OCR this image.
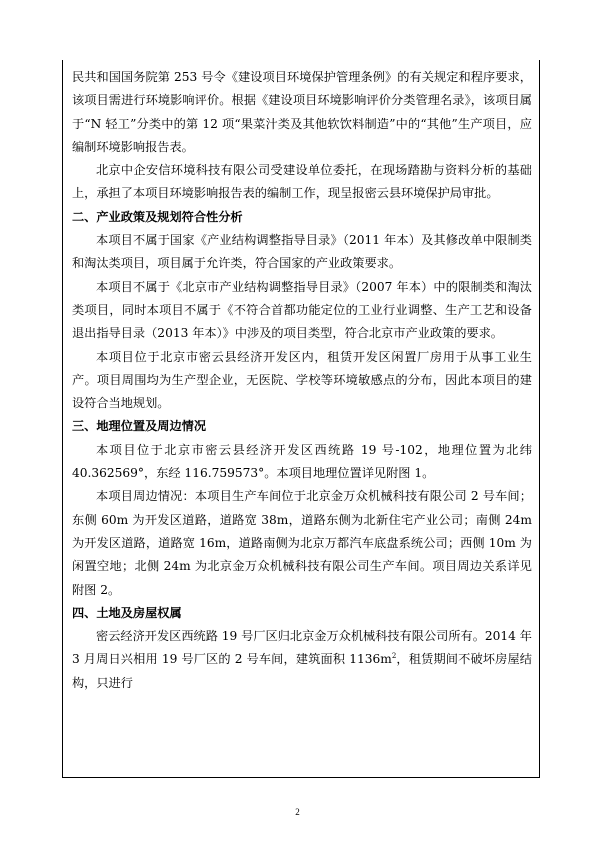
民共和国国务院第 253 号令《建设项目环境保护管理条例》的有关规定和程序要求，该项目需进行环境影响评价。根据《建设项目环境影响评价分类管理名录》，该项目属于“N 轻工”分类中的第 12 项“果菜汁类及其他软饮料制造”中的“其他”生产项目，应编制环境影响报告表。

北京中企安信环境科技有限公司受建设单位委托，在现场踏勘与资料分析的基础上，承担了本项目环境影响报告表的编制工作，现呈报密云县环境保护局审批。

二、产业政策及规划符合性分析

本项目不属于国家《产业结构调整指导目录》（2011 年本）及其修改单中限制类和淘汰类项目，项目属于允许类，符合国家的产业政策要求。

本项目不属于《北京市产业结构调整指导目录》（2007 年本）中的限制类和淘汰类项目，同时本项目不属于《不符合首都功能定位的工业行业调整、生产工艺和设备退出指导目录（2013 年本）》中涉及的项目类型，符合北京市产业政策的要求。

本项目位于北京市密云县经济开发区内，租赁开发区闲置厂房用于从事工业生产。项目周围均为生产型企业，无医院、学校等环境敏感点的分布，因此本项目的建设符合当地规划。

三、地理位置及周边情况

本项目位于北京市密云县经济开发区西统路 19 号-102，地理位置为北纬 40.362569°，东经 116.759573°。本项目地理位置详见附图 1。

本项目周边情况：本项目生产车间位于北京金万众机械科技有限公司 2 号车间；东侧 60m 为开发区道路，道路宽 38m，道路东侧为北新住宅产业公司；南侧 24m 为开发区道路，道路宽 16m，道路南侧为北京万都汽车底盘系统公司；西侧 10m 为闲置空地；北侧 24m 为北京金万众机械科技有限公司生产车间。项目周边关系详见附图 2。

四、土地及房屋权属

密云经济开发区西统路 19 号厂区归北京金万众机械科技有限公司所有。2014 年 3 月周日兴相用 19 号厂区的 2 号车间，建筑面积 $1136m^2$，租赁期间不破坏房屋结构，只进行

2
